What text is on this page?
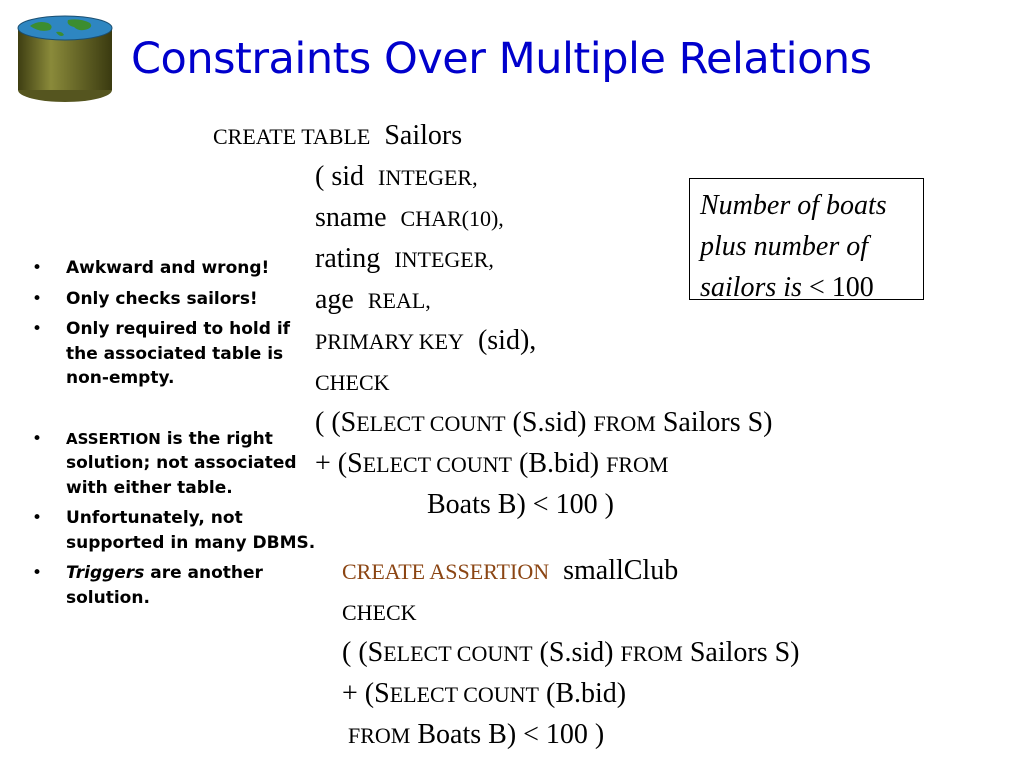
Constraints Over Multiple Relations
CREATE TABLE Sailors
( sid INTEGER,
sname CHAR(10),
rating INTEGER,
age REAL,
PRIMARY KEY (sid),
CHECK
( (SELECT COUNT (S.sid) FROM Sailors S)
+ (SELECT COUNT (B.bid) FROM
Boats B) < 100 )
Number of boats
plus number of
sailors is < 100
• Awkward and wrong!
• Only checks sailors!
• Only required to hold if the associated table is non-empty.
• ASSERTION is the right solution; not associated with either table.
• Unfortunately, not supported in many DBMS.
• Triggers are another solution.
CREATE ASSERTION smallClub
CHECK
( (SELECT COUNT (S.sid) FROM Sailors S)
+ (SELECT COUNT (B.bid)
FROM Boats B) < 100 )
